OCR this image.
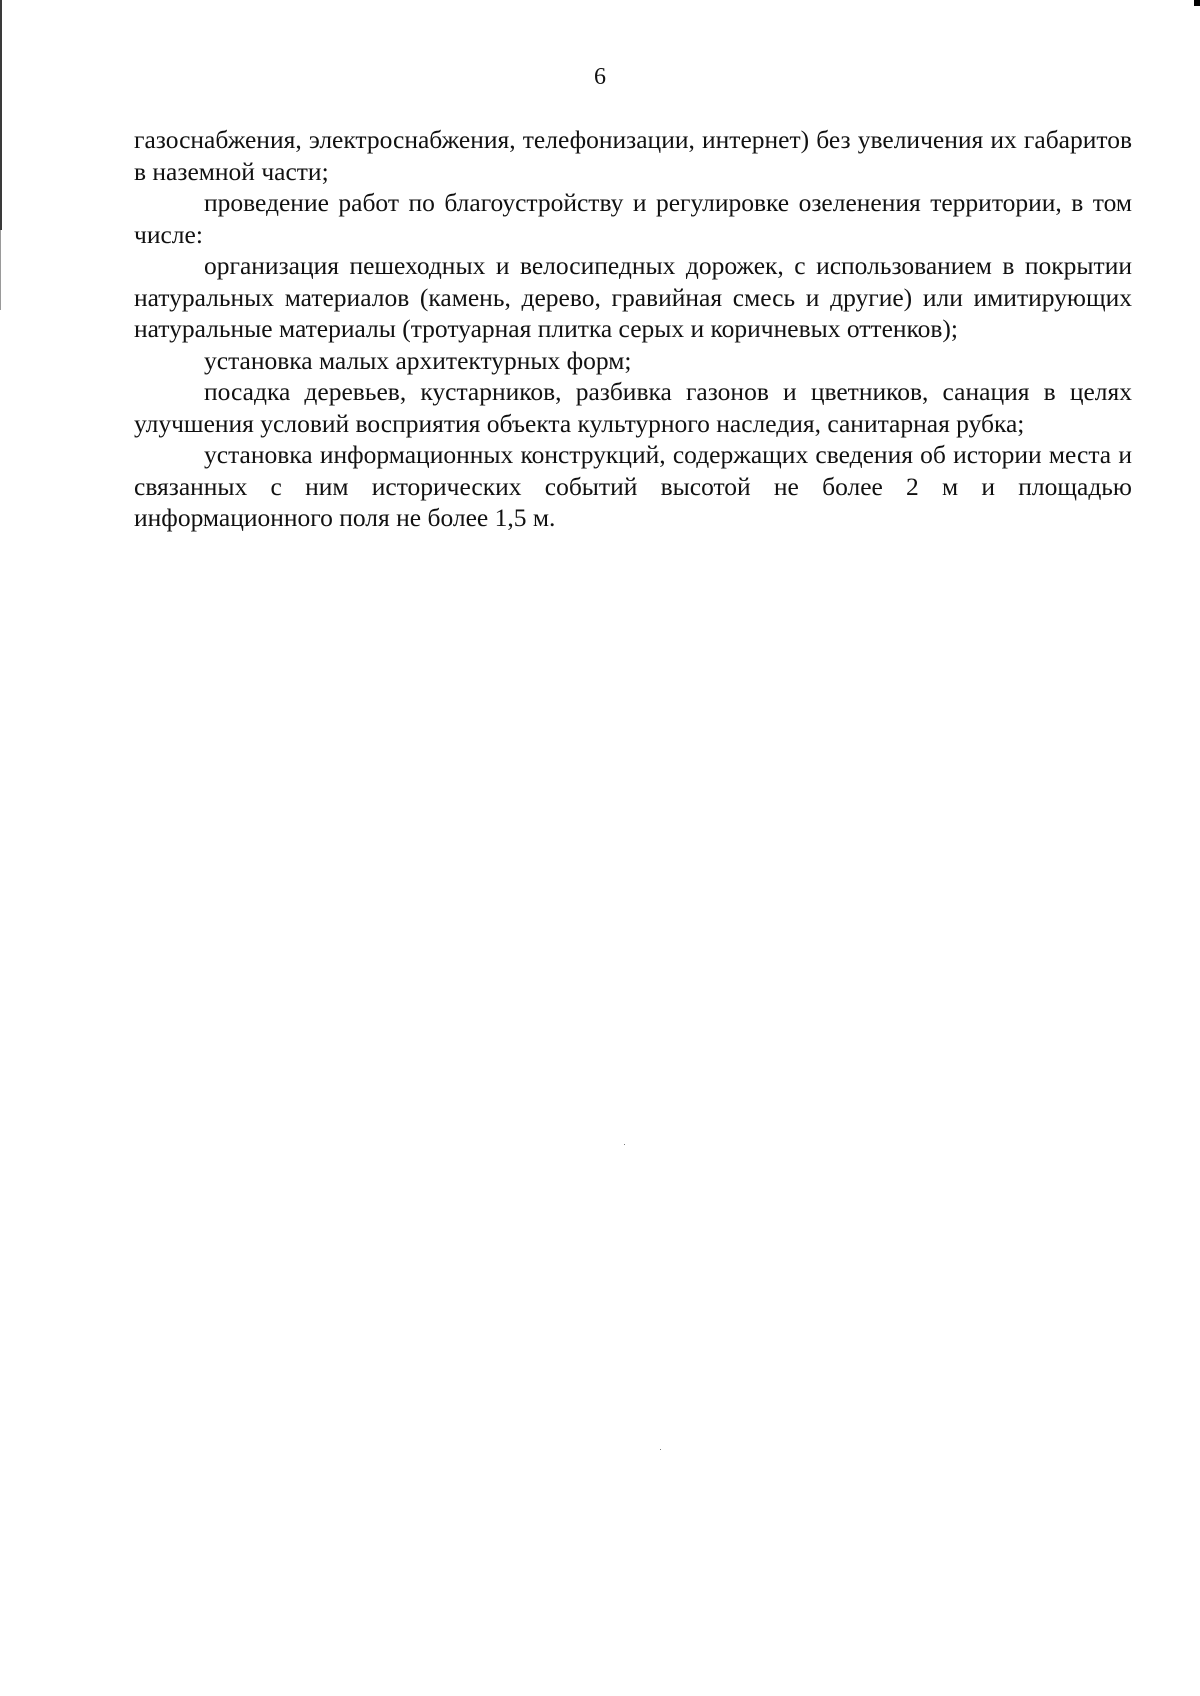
6

газоснабжения, электроснабжения, телефонизации, интернет) без увеличения их габаритов в наземной части;

проведение работ по благоустройству и регулировке озеленения территории, в том числе:

организация пешеходных и велосипедных дорожек, с использованием в покрытии натуральных материалов (камень, дерево, гравийная смесь и другие) или имитирующих натуральные материалы (тротуарная плитка серых и коричневых оттенков);

установка малых архитектурных форм;

посадка деревьев, кустарников, разбивка газонов и цветников, санация в целях улучшения условий восприятия объекта культурного наследия, санитарная рубка;

установка информационных конструкций, содержащих сведения об истории места и связанных с ним исторических событий высотой не более 2 м и площадью информационного поля не более 1,5 м.
